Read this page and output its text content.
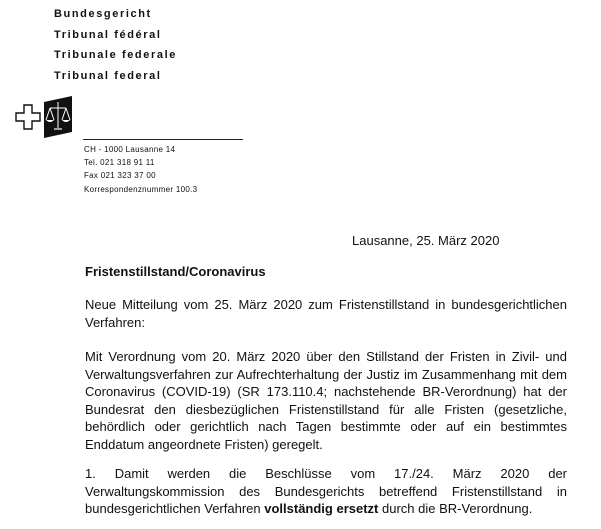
Bundesgericht
Tribunal fédéral
Tribunale federale
Tribunal federal
CH - 1000 Lausanne 14
Tel. 021 318 91 11
Fax 021 323 37 00
Korrespondenznummer 100.3
Lausanne, 25. März 2020
Fristenstillstand/Coronavirus
Neue Mitteilung vom 25. März 2020 zum Fristenstillstand in bundesgerichtlichen Verfahren:
Mit Verordnung vom 20. März 2020 über den Stillstand der Fristen in Zivil- und Verwaltungsverfahren zur Aufrechterhaltung der Justiz im Zusammenhang mit dem Coronavirus (COVID-19) (SR 173.110.4; nachstehende BR-Verordnung) hat der Bundesrat den diesbezüglichen Fristenstillstand für alle Fristen (gesetzliche, behördlich oder gerichtlich nach Tagen bestimmte oder auf ein bestimmtes Enddatum angeordnete Fristen) geregelt.
1. Damit werden die Beschlüsse vom 17./24. März 2020 der Verwaltungskommission des Bundesgerichts betreffend Fristenstillstand in bundesgerichtlichen Verfahren vollständig ersetzt durch die BR-Verordnung.
